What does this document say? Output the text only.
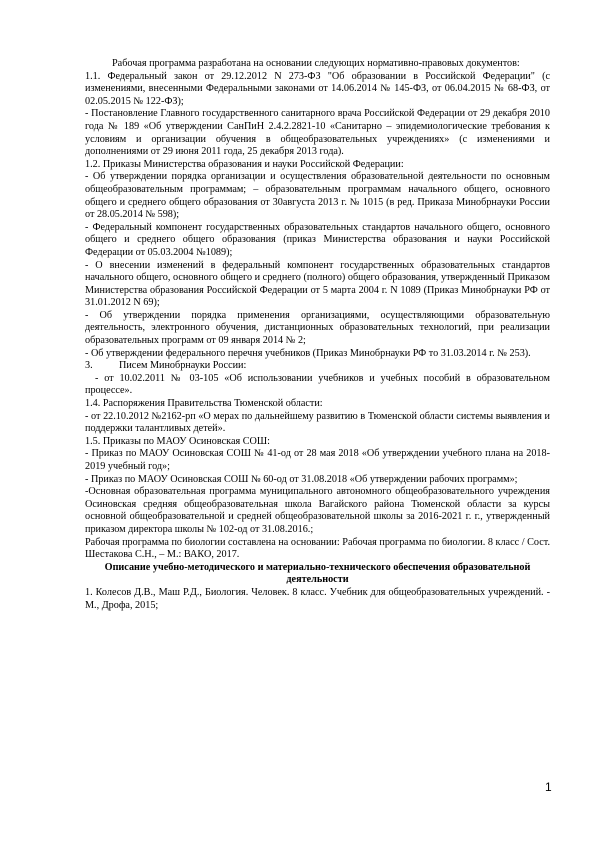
Рабочая программа разработана на основании следующих нормативно-правовых документов:

1.1. Федеральный закон от 29.12.2012 N 273-ФЗ "Об образовании в Российской Федерации" (с изменениями, внесенными Федеральными законами от 14.06.2014 № 145-ФЗ, от 06.04.2015 № 68-ФЗ, от 02.05.2015 № 122-ФЗ);

- Постановление Главного государственного санитарного врача Российской Федерации от 29 декабря 2010 года № 189 «Об утверждении СанПиН 2.4.2.2821-10 «Санитарно – эпидемиологические требования к условиям и организации обучения в общеобразовательных учреждениях» (с изменениями и дополнениями от 29 июня 2011 года, 25 декабря 2013 года).

1.2. Приказы Министерства образования и науки Российской Федерации:

- Об утверждении порядка организации и осуществления образовательной деятельности по основным общеобразовательным программам; – образовательным программам начального общего, основного общего и среднего общего образования от 30августа 2013 г. № 1015 (в ред. Приказа Минобрнауки России от 28.05.2014 № 598);

- Федеральный компонент государственных образовательных стандартов начального общего, основного общего и среднего общего образования (приказ Министерства образования и науки Российской Федерации от 05.03.2004 №1089);

- О внесении изменений в федеральный компонент государственных образовательных стандартов начального общего, основного общего и среднего (полного) общего образования, утвержденный Приказом Министерства образования Российской Федерации от 5 марта 2004 г. N 1089 (Приказ Минобрнауки РФ от 31.01.2012 N 69);

- Об утверждении порядка применения организациями, осуществляющими образовательную деятельность, электронного обучения, дистанционных образовательных технологий, при реализации образовательных программ от 09 января 2014 № 2;

- Об утверждении федерального перечня учебников (Приказ Минобрнауки РФ то 31.03.2014 г. № 253).

3.	Писем Минобрнауки России:

- от 10.02.2011 № 03-105 «Об использовании учебников и учебных пособий в образовательном процессе».

1.4. Распоряжения Правительства Тюменской области:

- от 22.10.2012 №2162-рп «О мерах по дальнейшему развитию в Тюменской области системы выявления и поддержки талантливых детей».

1.5. Приказы по МАОУ Осиновская СОШ:

- Приказ по МАОУ Осиновская СОШ № 41-од от 28 мая 2018 «Об утверждении учебного плана на 2018-2019 учебный год»;

- Приказ по МАОУ Осиновская СОШ № 60-од от 31.08.2018 «Об утверждении рабочих программ»;

-Основная образовательная программа муниципального автономного общеобразовательного учреждения Осиновская средняя общеобразовательная школа Вагайского района Тюменской области за курсы основной общеобразовательной и средней общеобразовательной школы за 2016-2021 г. г., утвержденный приказом директора школы № 102-од от 31.08.2016.;

Рабочая программа по биологии составлена на основании: Рабочая программа по биологии. 8 класс / Сост. Шестакова С.Н., – М.: ВАКО, 2017.

Описание учебно-методического и материально-технического обеспечения образовательной деятельности

1. Колесов Д.В., Маш Р.Д., Биология. Человек. 8 класс. Учебник для общеобразовательных учреждений. - М., Дрофа, 2015;

1
